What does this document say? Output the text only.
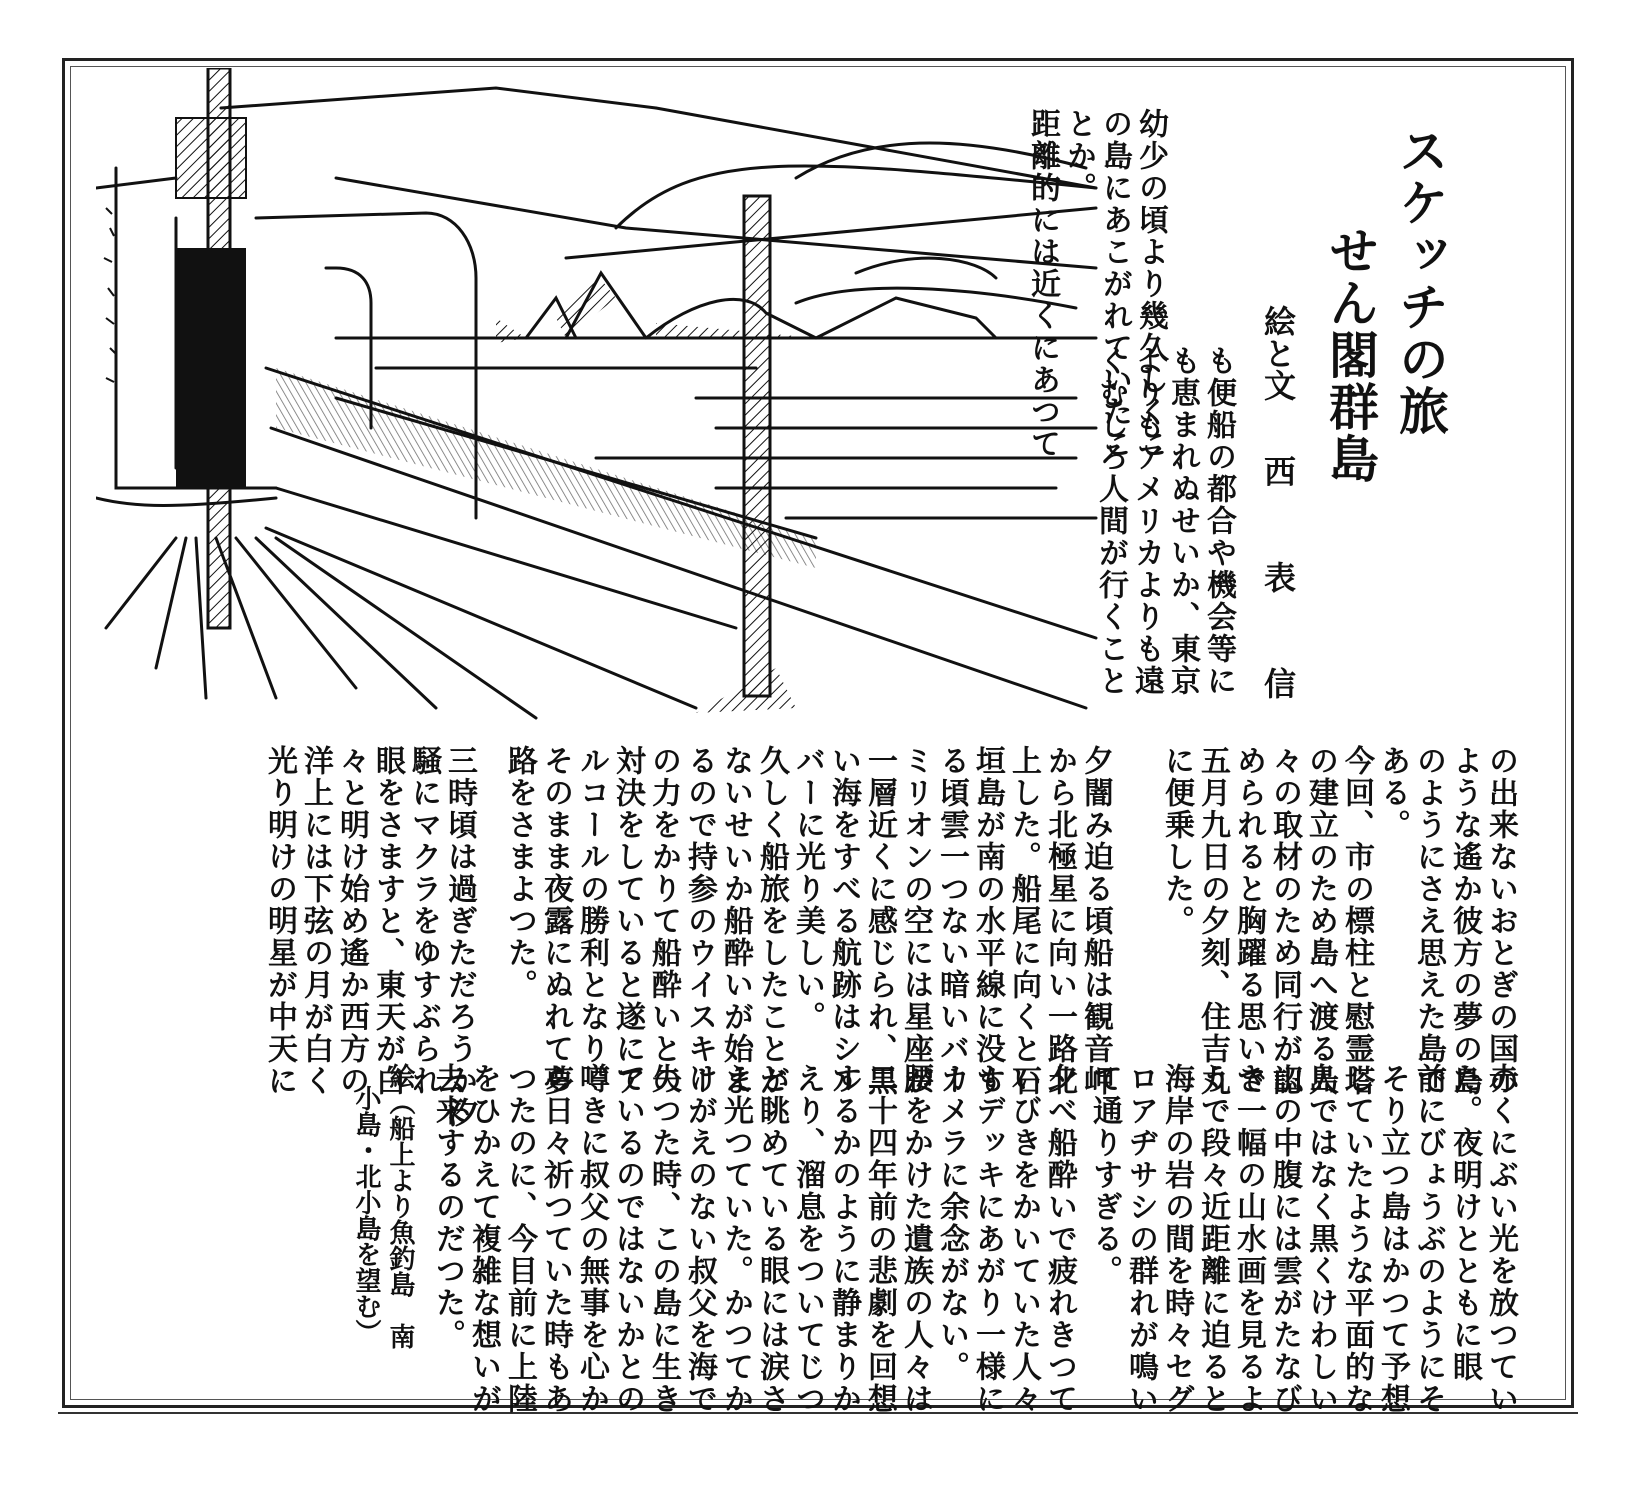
スケッチの旅
せん閣群島
絵と文
西 表 信
幼少の頃より幾久しくこ
の島にあこがれていたこ
とか。
距離的には近くにあつて
も便船の都合や機会等に
も恵まれぬせいか、東京
よりもアメリカよりも遠
くむしろ人間が行くこと
の出来ないおとぎの国の
ような遙か彼方の夢の島
のようにさえ思えた島で
ある。
今回、市の標柱と慰霊塔
の建立のため島へ渡る人
々の取材のため同行が認
められると胸躍る思いで
五月九日の夕刻、住吉丸
に便乗した。
夕闇み迫る頃船は観音岬
から北極星に向い一路北
上した。船尾に向くと石
垣島が南の水平線に没す
る頃雲一つない暗いバー
ミリオンの空には星座が
一層近くに感じられ、黒
い海をすべる航跡はシル
バーに光り美しい。
久しく船旅をしたことが
ないせいか船酔いが始ま
るので持参のウイスキー
の力をかりて船酔いとの
対決をしていると遂にア
ルコールの勝利となり、
そのまま夜露にぬれて夢
路をさまよつた。
三時頃は過ぎただろうか汐
騒にマクラをゆすぶられ
眼をさますと、東天が白
々と明け始め遙か西方の
洋上には下弦の月が白く
光り明けの明星が中天に
赤くにぶい光を放つてい
た。夜明けとともに眼
前にびょうぶのようにそ
そり立つ島はかつて予想
していたような平面的な
島ではなく黒くけわしい
山の中腹には雲がたなび
き一幅の山水画を見るよ
うで段々近距離に迫ると
海岸の岩の間を時々セグ
ロアヂサシの群れが鳴い
て通りすぎる。
夕べ船酔いで疲れきつて
いびきをかいていた人々
もデッキにあがり一様に
カメラに余念がない。
腰をかけた遺族の人々は
二十四年前の悲劇を回想
するかのように静まりか
えり、溜息をついてじつ
と眺めている眼には涙さ
え光つていた。かつてか
けがえのない叔父を海で
失つた時、この島に生き
ているのではないかとの
噂きに叔父の無事を心か
ら日々祈つていた時もあ
つたのに、今目前に上陸
をひかえて複雑な想いが
去来するのだつた。
絵（船上より魚釣島　南
小島・北小島を望む）
